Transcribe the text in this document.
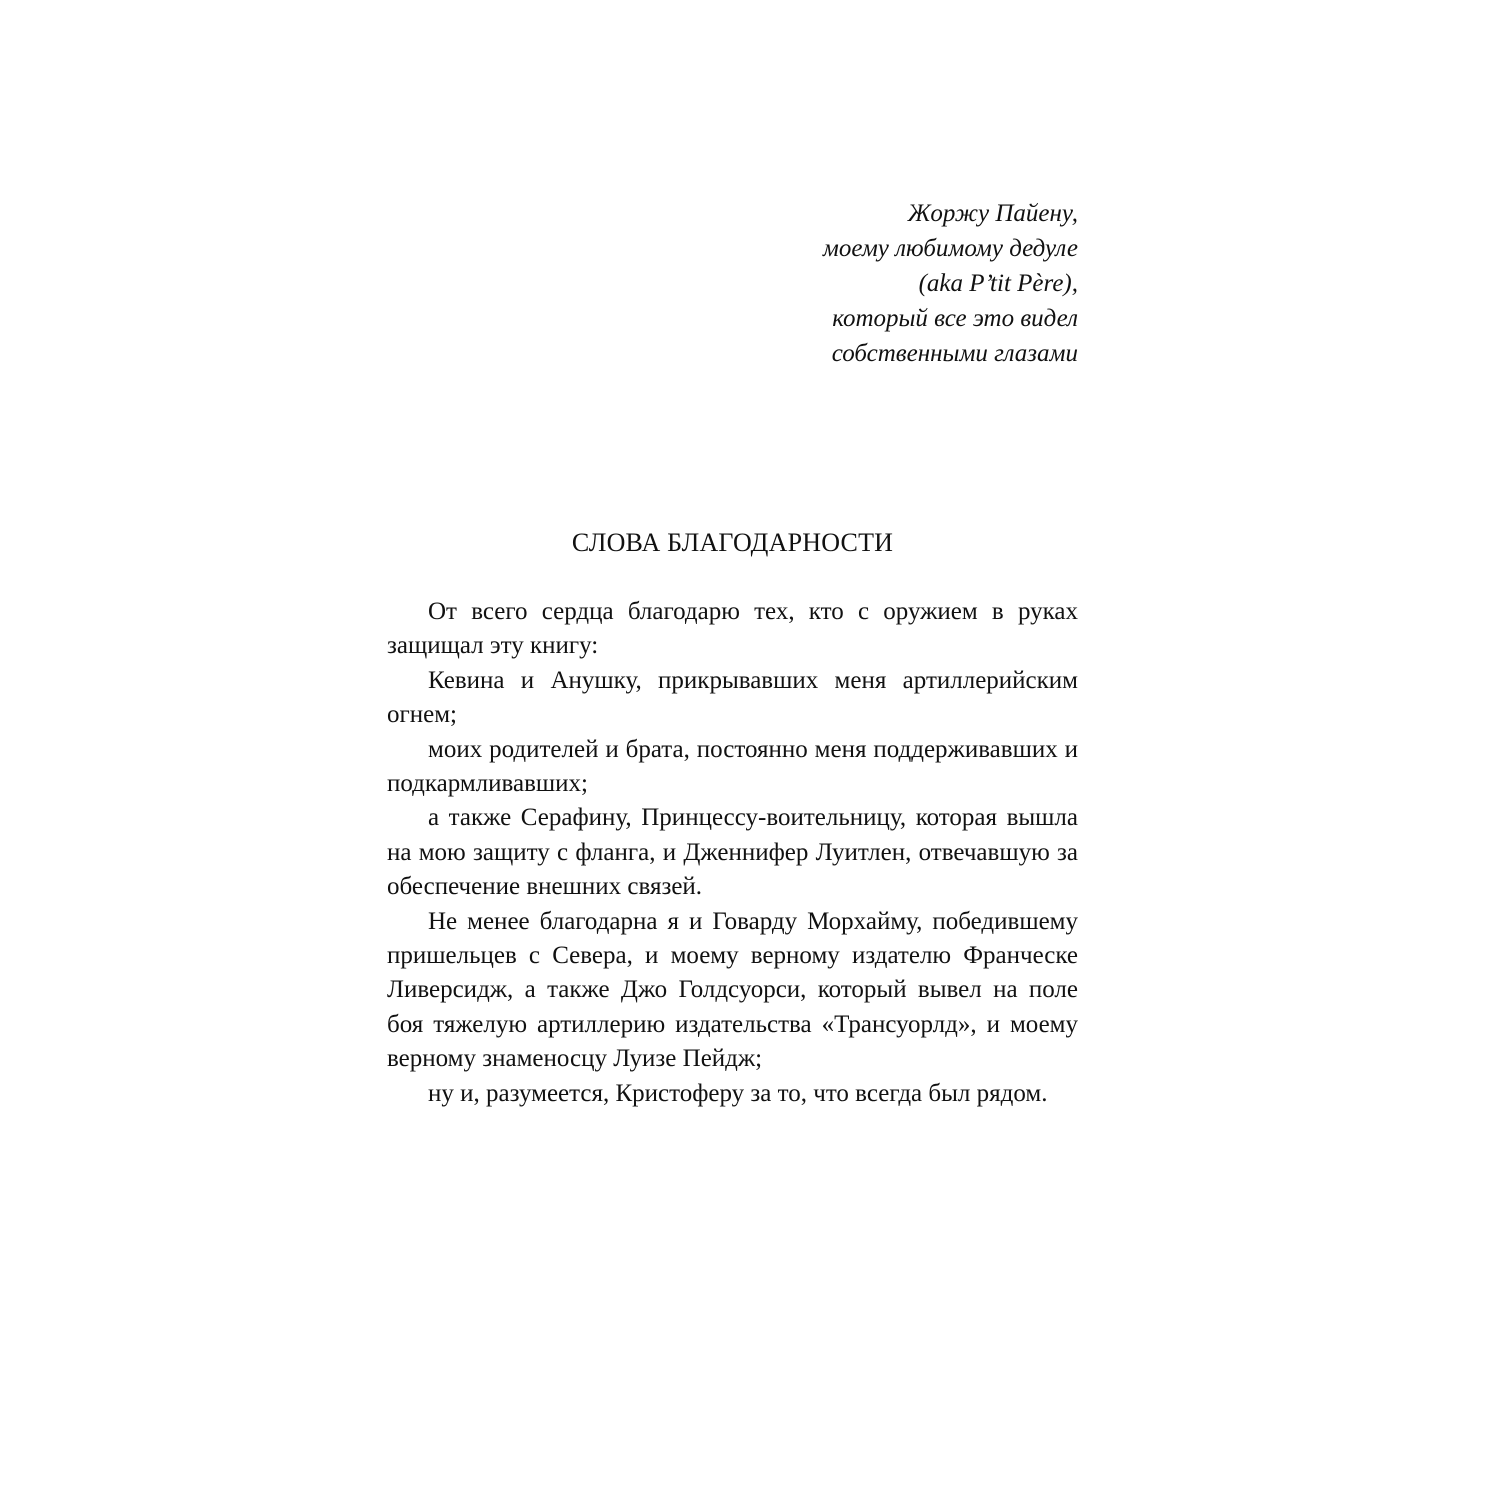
Жоржу Пайену,
моему любимому дедуле
(aka P’tit Père),
который все это видел
собственными глазами
СЛОВА БЛАГОДАРНОСТИ

От всего сердца благодарю тех, кто с оружием в руках защищал эту книгу:

Кевина и Анушку, прикрывавших меня артиллерийским огнем;

моих родителей и брата, постоянно меня поддерживавших и подкармливавших;

а также Серафину, Принцессу-воительницу, которая вышла на мою защиту с фланга, и Дженнифер Луитлен, отвечавшую за обеспечение внешних связей.

Не менее благодарна я и Говарду Морхайму, победившему пришельцев с Севера, и моему верному издателю Франческе Ливерсидж, а также Джо Голдсуорси, который вывел на поле боя тяжелую артиллерию издательства «Трансуорлд», и моему верному знаменосцу Луизе Пейдж;

ну и, разумеется, Кристоферу за то, что всегда был рядом.
